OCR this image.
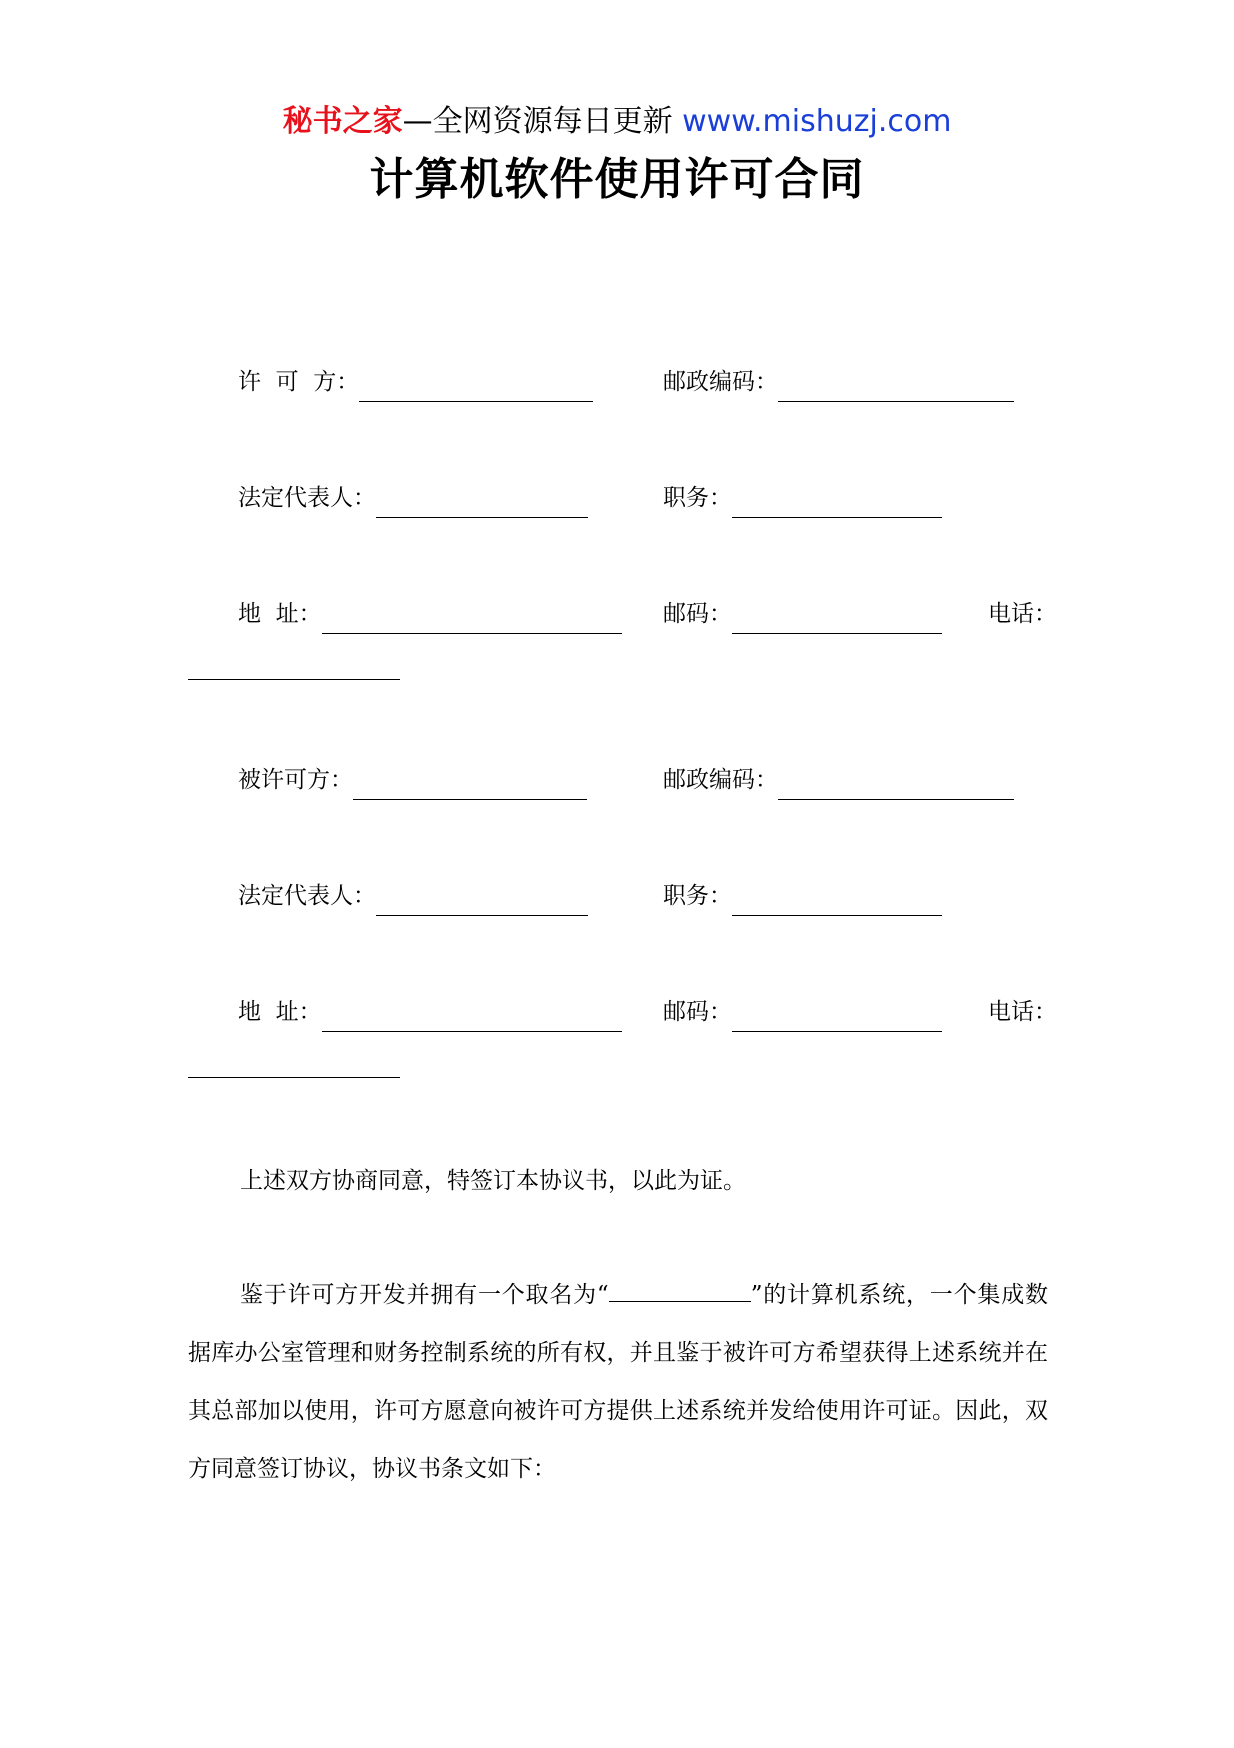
秘书之家—全网资源每日更新 www.mishuzj.com
计算机软件使用许可合同
许  可  方：	邮政编码：
法定代表人：	职务：
地  址：	邮码：	电话：
被许可方：	邮政编码：
法定代表人：	职务：
地  址：	邮码：	电话：

上述双方协商同意，特签订本协议书，以此为证。

鉴于许可方开发并拥有一个取名为“	”的计算机系统，一个集成数据库办公室管理和财务控制系统的所有权，并且鉴于被许可方希望获得上述系统并在其总部加以使用，许可方愿意向被许可方提供上述系统并发给使用许可证。因此，双方同意签订协议，协议书条文如下：
